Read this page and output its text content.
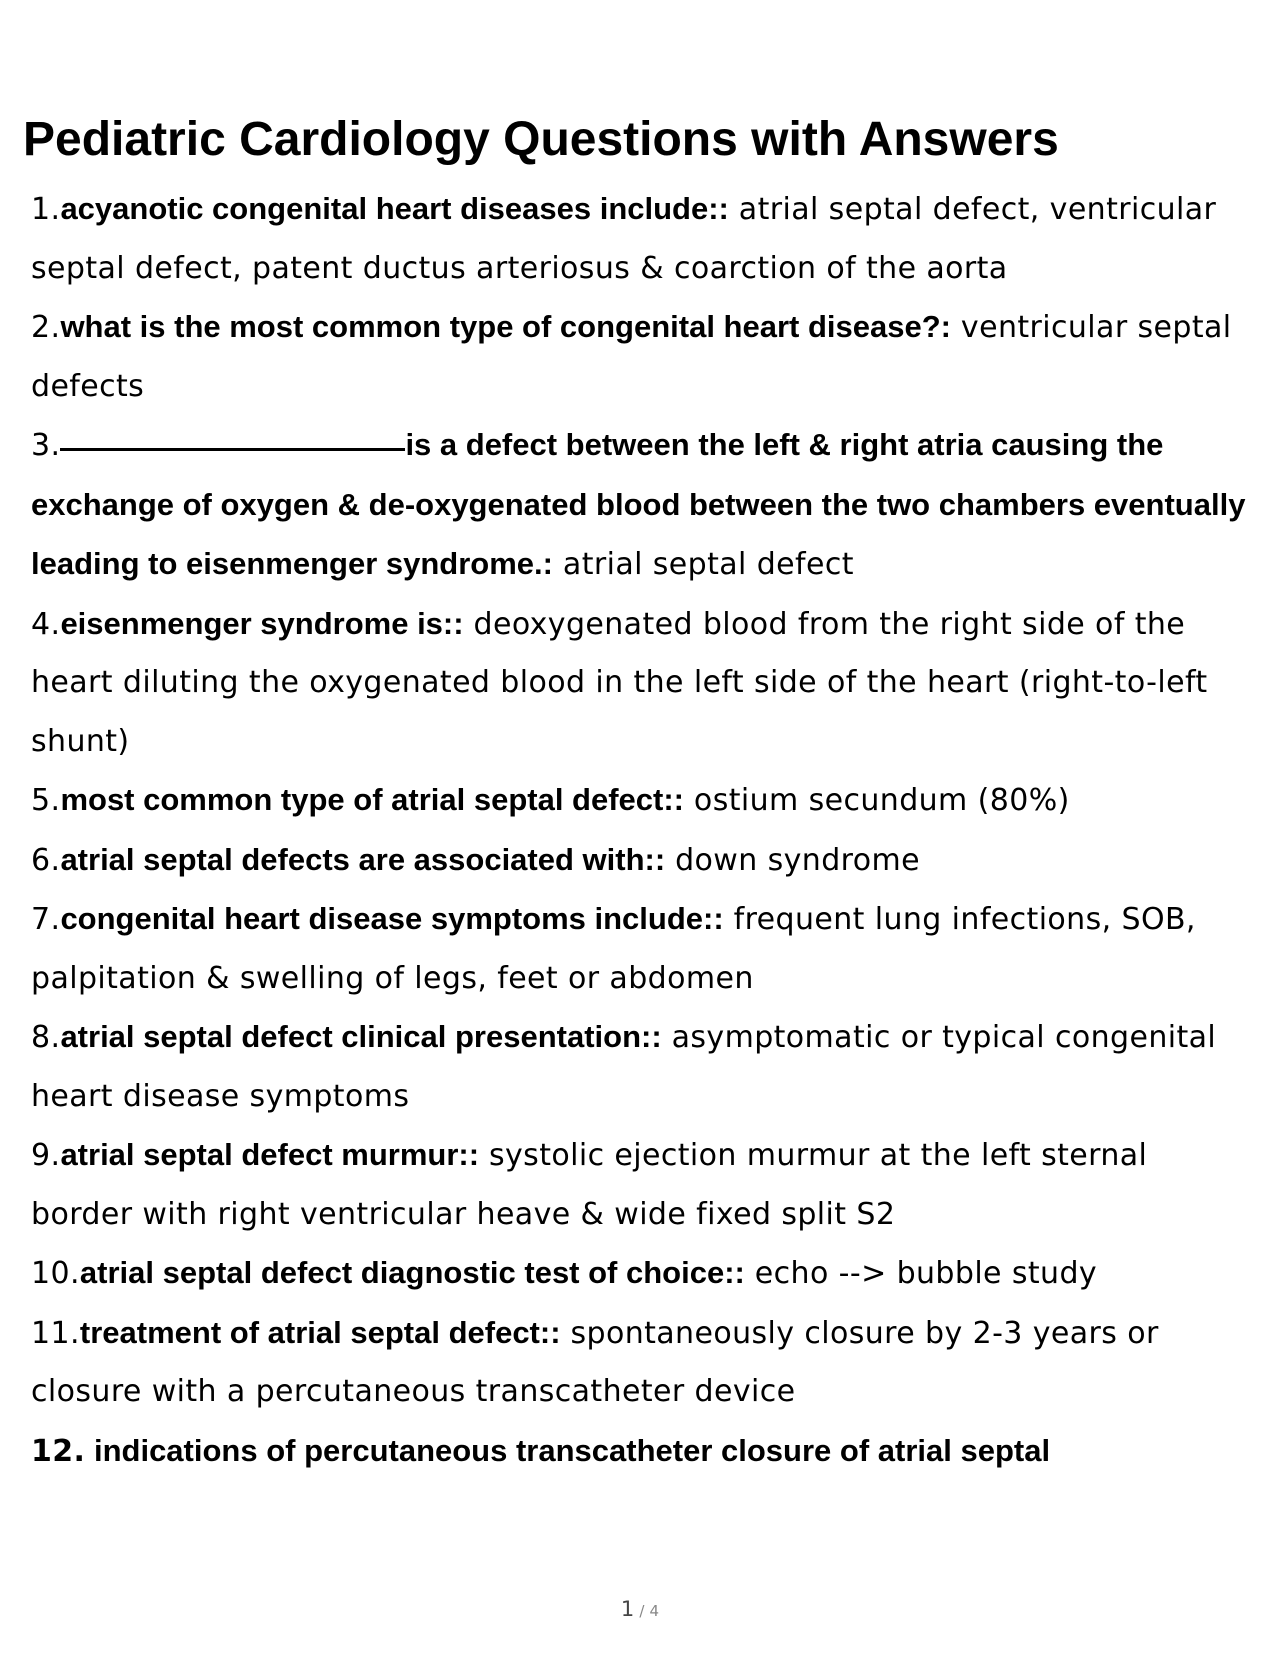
Pediatric Cardiology Questions with Answers
1.acyanotic congenital heart diseases include:: atrial septal defect, ventricular septal defect, patent ductus arteriosus & coarction of the aorta
2.what is the most common type of congenital heart disease?: ventricular septal defects
3.	is a defect between the left & right atria causing the exchange of oxygen & de-oxygenated blood between the two chambers eventually leading to eisenmenger syndrome.: atrial septal defect
4.eisenmenger syndrome is:: deoxygenated blood from the right side of the heart diluting the oxygenated blood in the left side of the heart (right-to-left shunt)
5.most common type of atrial septal defect:: ostium secundum (80%)
6.atrial septal defects are associated with:: down syndrome
7.congenital heart disease symptoms include:: frequent lung infections, SOB, palpitation & swelling of legs, feet or abdomen
8.atrial septal defect clinical presentation:: asymptomatic or typical congenital heart disease symptoms
9.atrial septal defect murmur:: systolic ejection murmur at the left sternal border with right ventricular heave & wide fixed split S2
10.atrial septal defect diagnostic test of choice:: echo --> bubble study
11.treatment of atrial septal defect:: spontaneously closure by 2-3 years or closure with a percutaneous transcatheter device
12. indications of percutaneous transcatheter closure of atrial septal
1 / 4
